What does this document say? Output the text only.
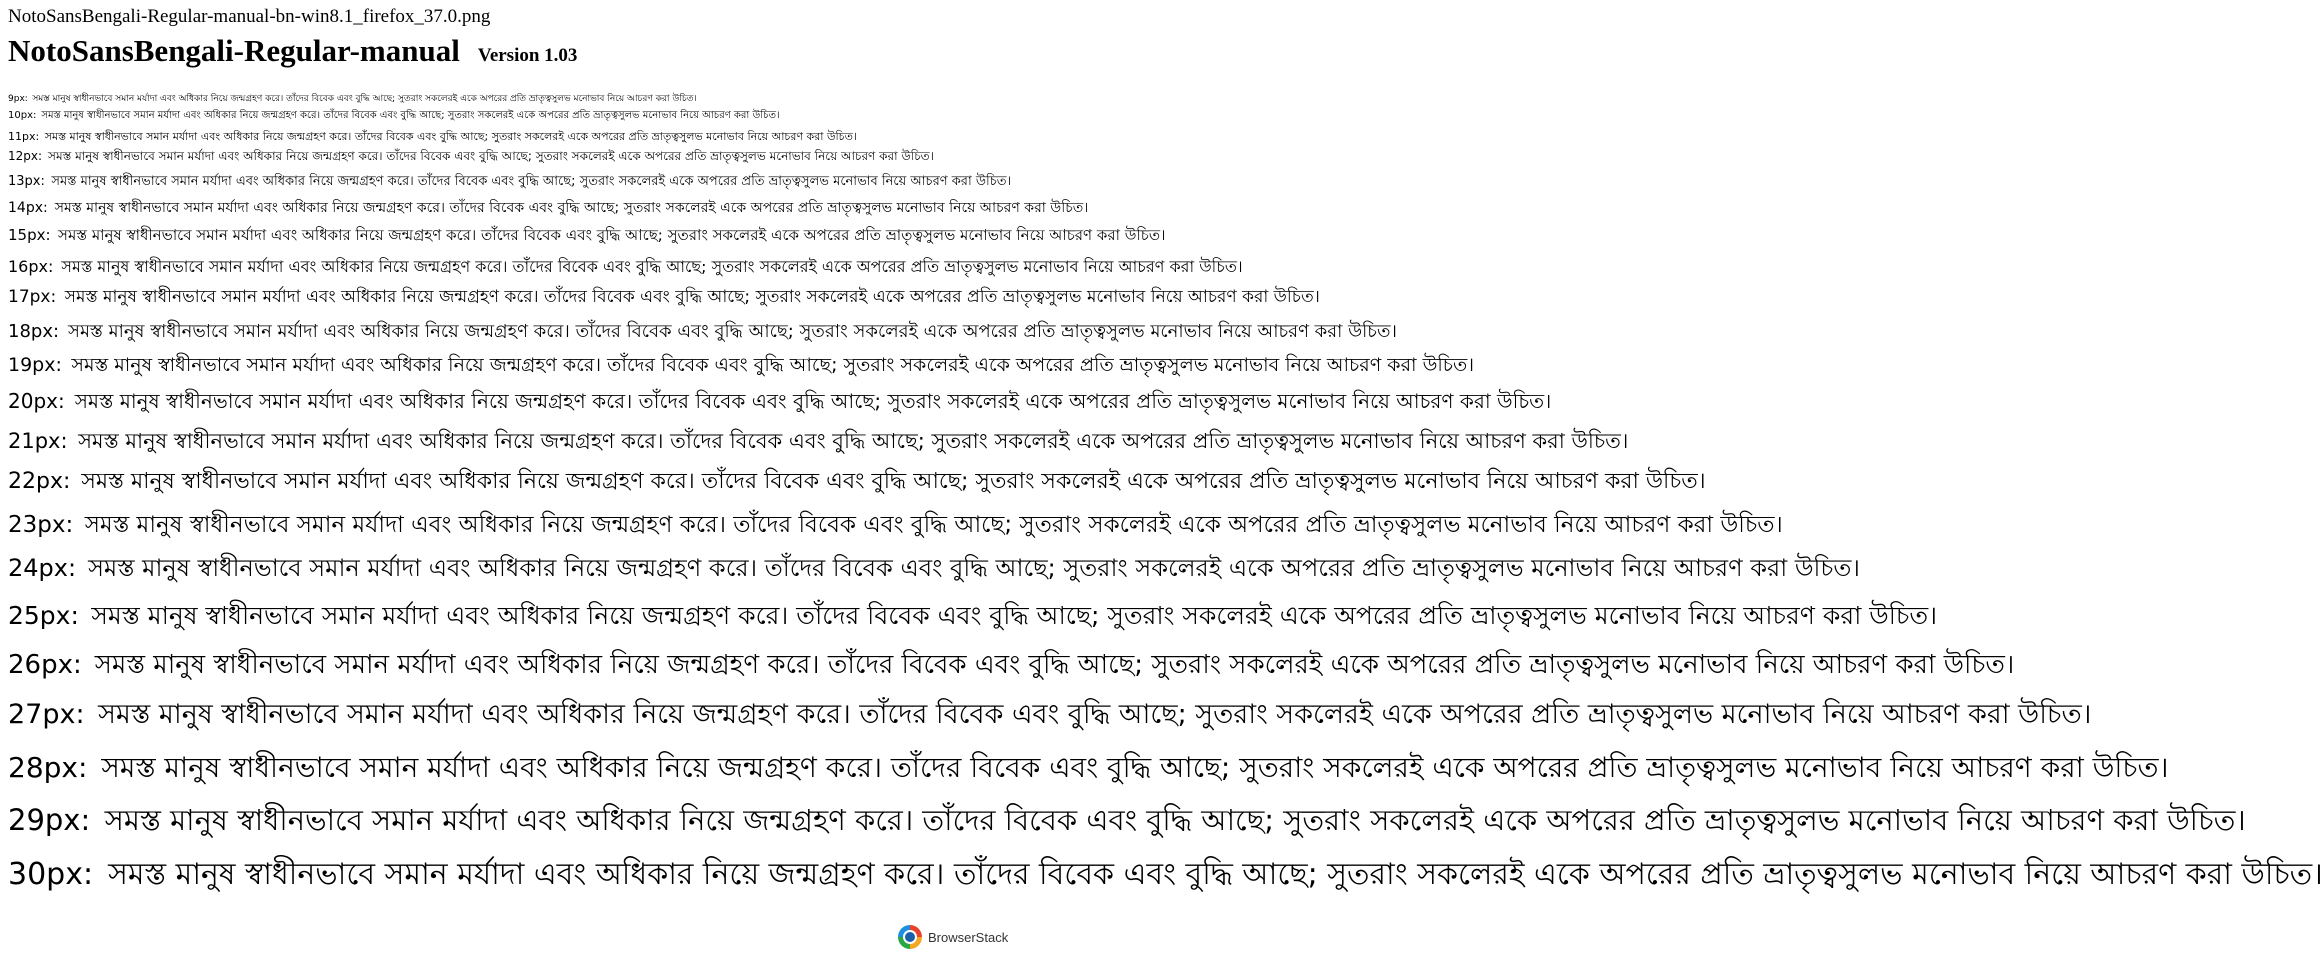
NotoSansBengali-Regular-manual-bn-win8.1_firefox_37.0.png
NotoSansBengali-Regular-manual Version 1.03
9px: সমস্ত মানুষ স্বাধীনভাবে সমান মর্যাদা এবং অধিকার নিয়ে জন্মগ্রহণ করে। তাঁদের বিবেক এবং বুদ্ধি আছে; সুতরাং সকলেরই একে অপরের প্রতি ভ্রাতৃত্বসুলভ মনোভাব নিয়ে আচরণ করা উচিত।
10px: সমস্ত মানুষ স্বাধীনভাবে সমান মর্যাদা এবং অধিকার নিয়ে জন্মগ্রহণ করে। তাঁদের বিবেক এবং বুদ্ধি আছে; সুতরাং সকলেরই একে অপরের প্রতি ভ্রাতৃত্বসুলভ মনোভাব নিয়ে আচরণ করা উচিত।
11px: সমস্ত মানুষ স্বাধীনভাবে সমান মর্যাদা এবং অধিকার নিয়ে জন্মগ্রহণ করে। তাঁদের বিবেক এবং বুদ্ধি আছে; সুতরাং সকলেরই একে অপরের প্রতি ভ্রাতৃত্বসুলভ মনোভাব নিয়ে আচরণ করা উচিত।
12px: সমস্ত মানুষ স্বাধীনভাবে সমান মর্যাদা এবং অধিকার নিয়ে জন্মগ্রহণ করে। তাঁদের বিবেক এবং বুদ্ধি আছে; সুতরাং সকলেরই একে অপরের প্রতি ভ্রাতৃত্বসুলভ মনোভাব নিয়ে আচরণ করা উচিত।
13px: সমস্ত মানুষ স্বাধীনভাবে সমান মর্যাদা এবং অধিকার নিয়ে জন্মগ্রহণ করে। তাঁদের বিবেক এবং বুদ্ধি আছে; সুতরাং সকলেরই একে অপরের প্রতি ভ্রাতৃত্বসুলভ মনোভাব নিয়ে আচরণ করা উচিত।
14px: সমস্ত মানুষ স্বাধীনভাবে সমান মর্যাদা এবং অধিকার নিয়ে জন্মগ্রহণ করে। তাঁদের বিবেক এবং বুদ্ধি আছে; সুতরাং সকলেরই একে অপরের প্রতি ভ্রাতৃত্বসুলভ মনোভাব নিয়ে আচরণ করা উচিত।
15px: সমস্ত মানুষ স্বাধীনভাবে সমান মর্যাদা এবং অধিকার নিয়ে জন্মগ্রহণ করে। তাঁদের বিবেক এবং বুদ্ধি আছে; সুতরাং সকলেরই একে অপরের প্রতি ভ্রাতৃত্বসুলভ মনোভাব নিয়ে আচরণ করা উচিত।
16px: সমস্ত মানুষ স্বাধীনভাবে সমান মর্যাদা এবং অধিকার নিয়ে জন্মগ্রহণ করে। তাঁদের বিবেক এবং বুদ্ধি আছে; সুতরাং সকলেরই একে অপরের প্রতি ভ্রাতৃত্বসুলভ মনোভাব নিয়ে আচরণ করা উচিত।
17px: সমস্ত মানুষ স্বাধীনভাবে সমান মর্যাদা এবং অধিকার নিয়ে জন্মগ্রহণ করে। তাঁদের বিবেক এবং বুদ্ধি আছে; সুতরাং সকলেরই একে অপরের প্রতি ভ্রাতৃত্বসুলভ মনোভাব নিয়ে আচরণ করা উচিত।
18px: সমস্ত মানুষ স্বাধীনভাবে সমান মর্যাদা এবং অধিকার নিয়ে জন্মগ্রহণ করে। তাঁদের বিবেক এবং বুদ্ধি আছে; সুতরাং সকলেরই একে অপরের প্রতি ভ্রাতৃত্বসুলভ মনোভাব নিয়ে আচরণ করা উচিত।
19px: সমস্ত মানুষ স্বাধীনভাবে সমান মর্যাদা এবং অধিকার নিয়ে জন্মগ্রহণ করে। তাঁদের বিবেক এবং বুদ্ধি আছে; সুতরাং সকলেরই একে অপরের প্রতি ভ্রাতৃত্বসুলভ মনোভাব নিয়ে আচরণ করা উচিত।
20px: সমস্ত মানুষ স্বাধীনভাবে সমান মর্যাদা এবং অধিকার নিয়ে জন্মগ্রহণ করে। তাঁদের বিবেক এবং বুদ্ধি আছে; সুতরাং সকলেরই একে অপরের প্রতি ভ্রাতৃত্বসুলভ মনোভাব নিয়ে আচরণ করা উচিত।
21px: সমস্ত মানুষ স্বাধীনভাবে সমান মর্যাদা এবং অধিকার নিয়ে জন্মগ্রহণ করে। তাঁদের বিবেক এবং বুদ্ধি আছে; সুতরাং সকলেরই একে অপরের প্রতি ভ্রাতৃত্বসুলভ মনোভাব নিয়ে আচরণ করা উচিত।
22px: সমস্ত মানুষ স্বাধীনভাবে সমান মর্যাদা এবং অধিকার নিয়ে জন্মগ্রহণ করে। তাঁদের বিবেক এবং বুদ্ধি আছে; সুতরাং সকলেরই একে অপরের প্রতি ভ্রাতৃত্বসুলভ মনোভাব নিয়ে আচরণ করা উচিত।
23px: সমস্ত মানুষ স্বাধীনভাবে সমান মর্যাদা এবং অধিকার নিয়ে জন্মগ্রহণ করে। তাঁদের বিবেক এবং বুদ্ধি আছে; সুতরাং সকলেরই একে অপরের প্রতি ভ্রাতৃত্বসুলভ মনোভাব নিয়ে আচরণ করা উচিত।
24px: সমস্ত মানুষ স্বাধীনভাবে সমান মর্যাদা এবং অধিকার নিয়ে জন্মগ্রহণ করে। তাঁদের বিবেক এবং বুদ্ধি আছে; সুতরাং সকলেরই একে অপরের প্রতি ভ্রাতৃত্বসুলভ মনোভাব নিয়ে আচরণ করা উচিত।
25px: সমস্ত মানুষ স্বাধীনভাবে সমান মর্যাদা এবং অধিকার নিয়ে জন্মগ্রহণ করে। তাঁদের বিবেক এবং বুদ্ধি আছে; সুতরাং সকলেরই একে অপরের প্রতি ভ্রাতৃত্বসুলভ মনোভাব নিয়ে আচরণ করা উচিত।
26px: সমস্ত মানুষ স্বাধীনভাবে সমান মর্যাদা এবং অধিকার নিয়ে জন্মগ্রহণ করে। তাঁদের বিবেক এবং বুদ্ধি আছে; সুতরাং সকলেরই একে অপরের প্রতি ভ্রাতৃত্বসুলভ মনোভাব নিয়ে আচরণ করা উচিত।
27px: সমস্ত মানুষ স্বাধীনভাবে সমান মর্যাদা এবং অধিকার নিয়ে জন্মগ্রহণ করে। তাঁদের বিবেক এবং বুদ্ধি আছে; সুতরাং সকলেরই একে অপরের প্রতি ভ্রাতৃত্বসুলভ মনোভাব নিয়ে আচরণ করা উচিত।
28px: সমস্ত মানুষ স্বাধীনভাবে সমান মর্যাদা এবং অধিকার নিয়ে জন্মগ্রহণ করে। তাঁদের বিবেক এবং বুদ্ধি আছে; সুতরাং সকলেরই একে অপরের প্রতি ভ্রাতৃত্বসুলভ মনোভাব নিয়ে আচরণ করা উচিত।
29px: সমস্ত মানুষ স্বাধীনভাবে সমান মর্যাদা এবং অধিকার নিয়ে জন্মগ্রহণ করে। তাঁদের বিবেক এবং বুদ্ধি আছে; সুতরাং সকলেরই একে অপরের প্রতি ভ্রাতৃত্বসুলভ মনোভাব নিয়ে আচরণ করা উচিত।
30px: সমস্ত মানুষ স্বাধীনভাবে সমান মর্যাদা এবং অধিকার নিয়ে জন্মগ্রহণ করে। তাঁদের বিবেক এবং বুদ্ধি আছে; সুতরাং সকলেরই একে অপরের প্রতি ভ্রাতৃত্বসুলভ মনোভাব নিয়ে আচরণ করা উচিত।
BrowserStack
